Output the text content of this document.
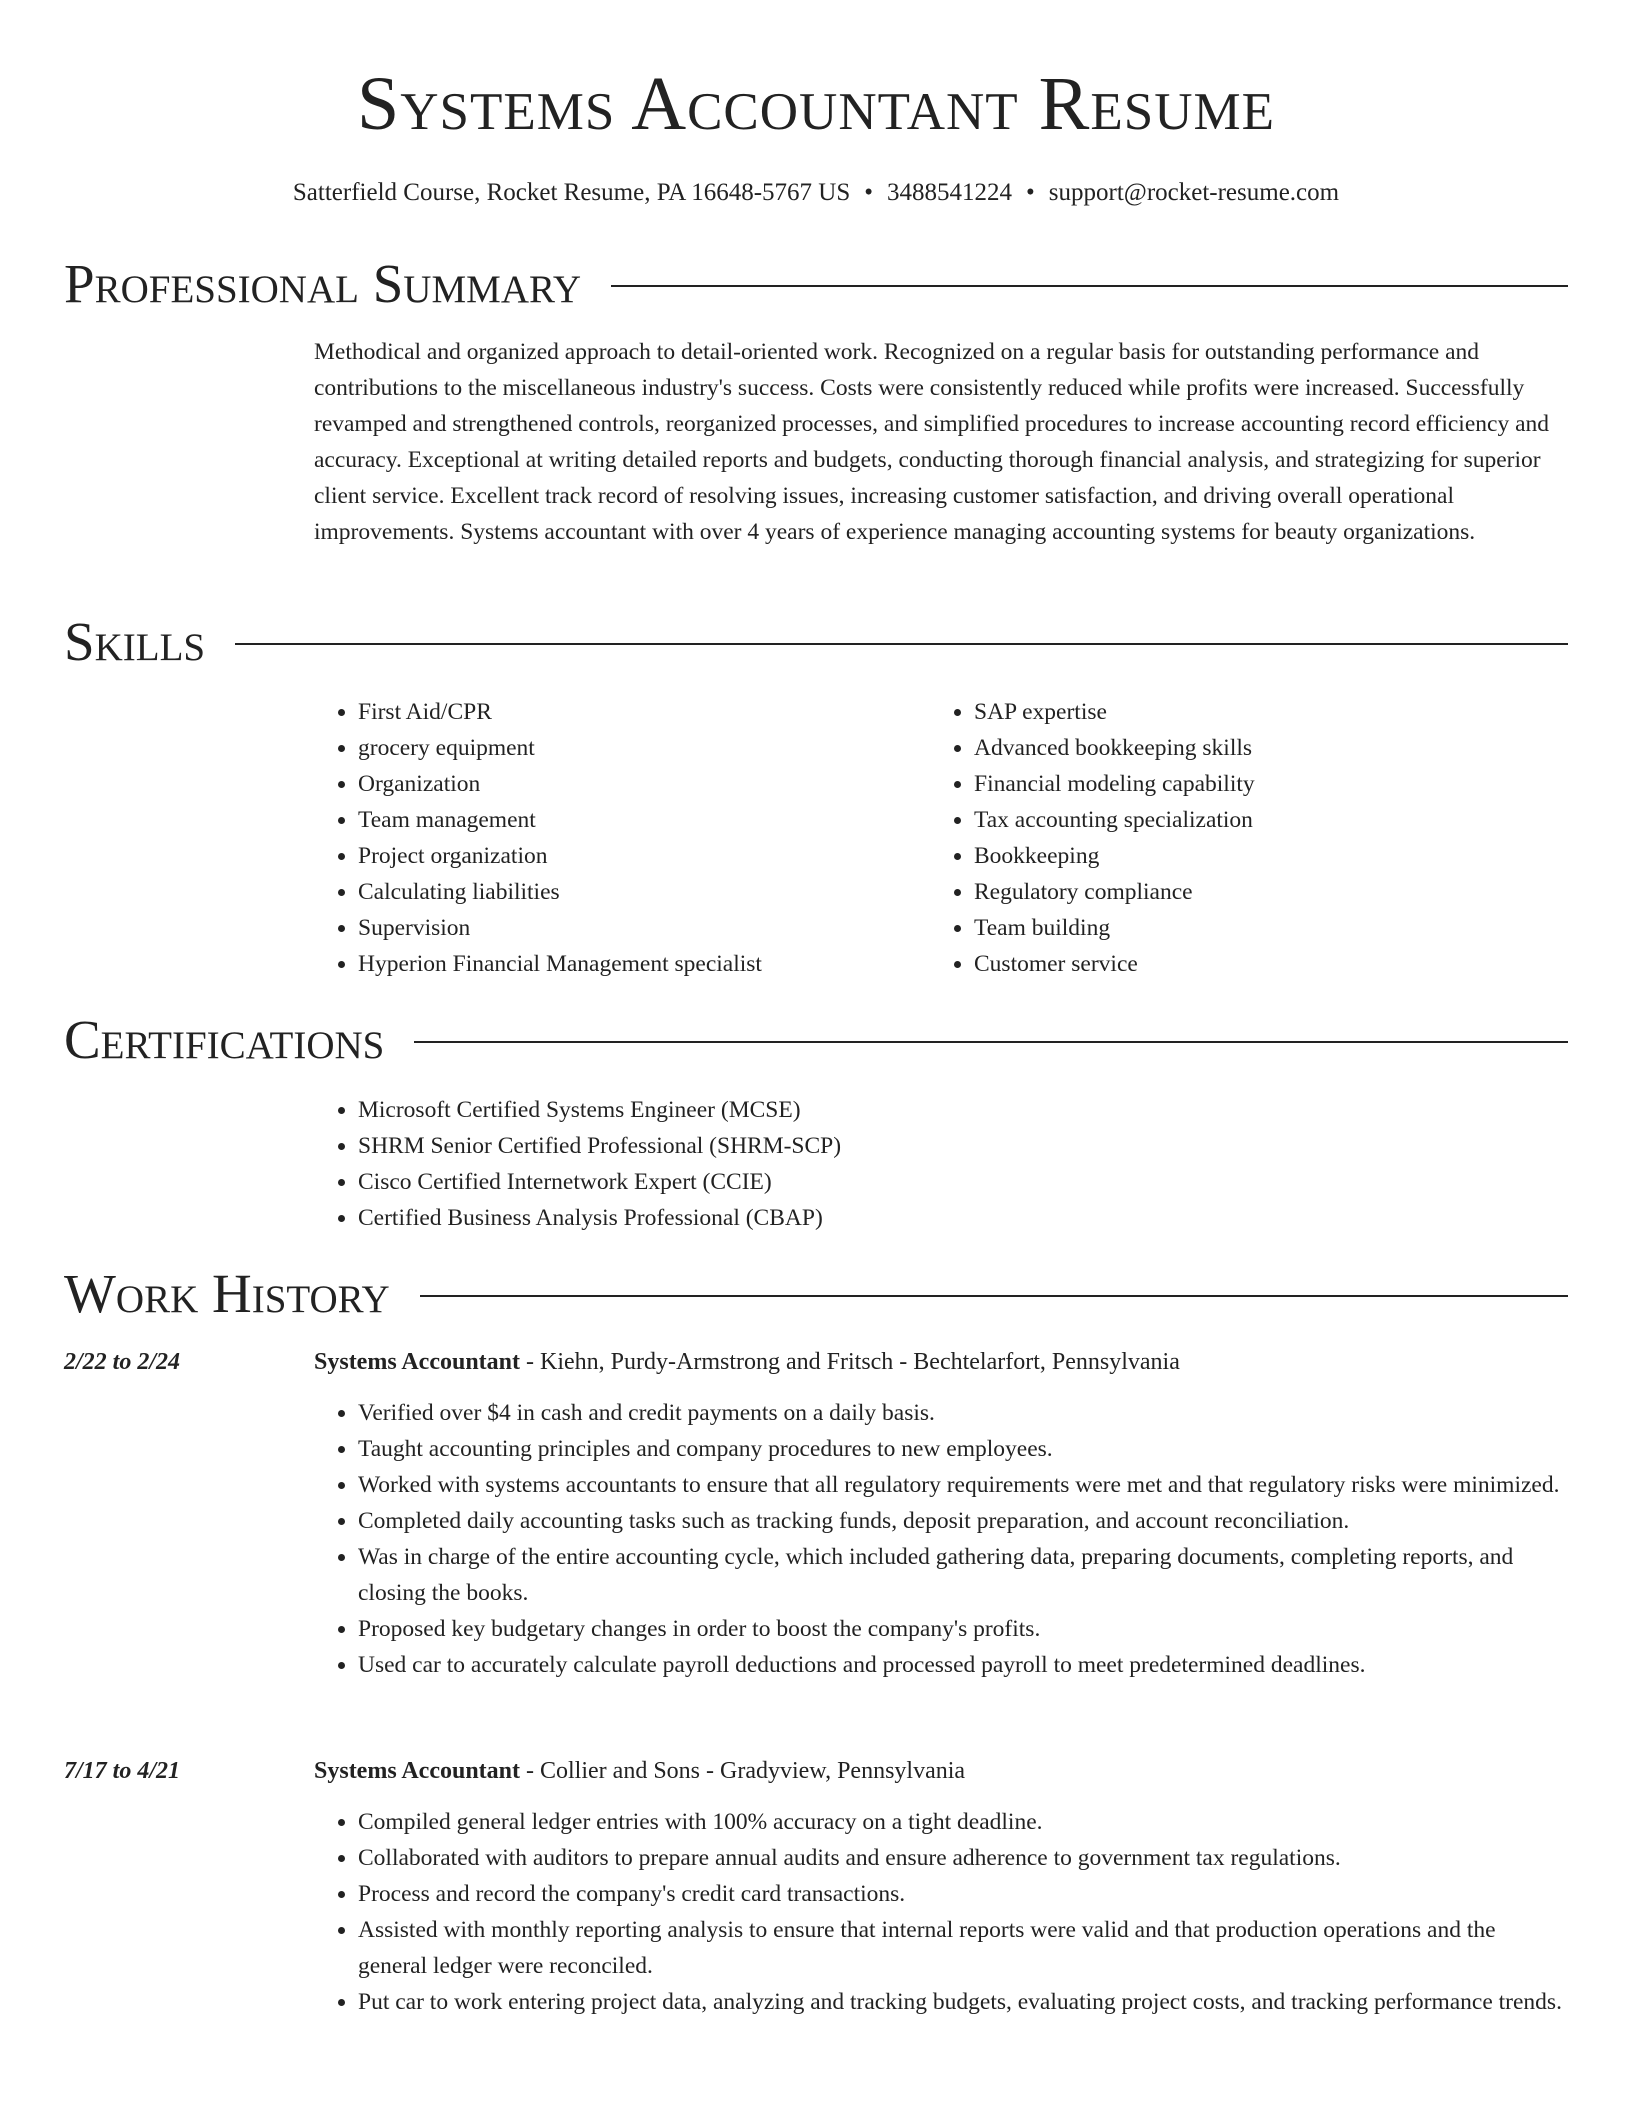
Systems Accountant Resume
Satterfield Course, Rocket Resume, PA 16648-5767 US • 3488541224 • support@rocket-resume.com
Professional Summary

Methodical and organized approach to detail-oriented work. Recognized on a regular basis for outstanding performance and contributions to the miscellaneous industry's success. Costs were consistently reduced while profits were increased. Successfully revamped and strengthened controls, reorganized processes, and simplified procedures to increase accounting record efficiency and accuracy. Exceptional at writing detailed reports and budgets, conducting thorough financial analysis, and strategizing for superior client service. Excellent track record of resolving issues, increasing customer satisfaction, and driving overall operational improvements. Systems accountant with over 4 years of experience managing accounting systems for beauty organizations.

Skills
• First Aid/CPR
• grocery equipment
• Organization
• Team management
• Project organization
• Calculating liabilities
• Supervision
• Hyperion Financial Management specialist
• SAP expertise
• Advanced bookkeeping skills
• Financial modeling capability
• Tax accounting specialization
• Bookkeeping
• Regulatory compliance
• Team building
• Customer service
Certifications
• Microsoft Certified Systems Engineer (MCSE)
• SHRM Senior Certified Professional (SHRM-SCP)
• Cisco Certified Internetwork Expert (CCIE)
• Certified Business Analysis Professional (CBAP)
Work History
2/22 to 2/24	Systems Accountant - Kiehn, Purdy-Armstrong and Fritsch - Bechtelarfort, Pennsylvania
• Verified over $4 in cash and credit payments on a daily basis.
• Taught accounting principles and company procedures to new employees.
• Worked with systems accountants to ensure that all regulatory requirements were met and that regulatory risks were minimized.
• Completed daily accounting tasks such as tracking funds, deposit preparation, and account reconciliation.
• Was in charge of the entire accounting cycle, which included gathering data, preparing documents, completing reports, and closing the books.
• Proposed key budgetary changes in order to boost the company's profits.
• Used car to accurately calculate payroll deductions and processed payroll to meet predetermined deadlines.
7/17 to 4/21	Systems Accountant - Collier and Sons - Gradyview, Pennsylvania
• Compiled general ledger entries with 100% accuracy on a tight deadline.
• Collaborated with auditors to prepare annual audits and ensure adherence to government tax regulations.
• Process and record the company's credit card transactions.
• Assisted with monthly reporting analysis to ensure that internal reports were valid and that production operations and the general ledger were reconciled.
• Put car to work entering project data, analyzing and tracking budgets, evaluating project costs, and tracking performance trends.
